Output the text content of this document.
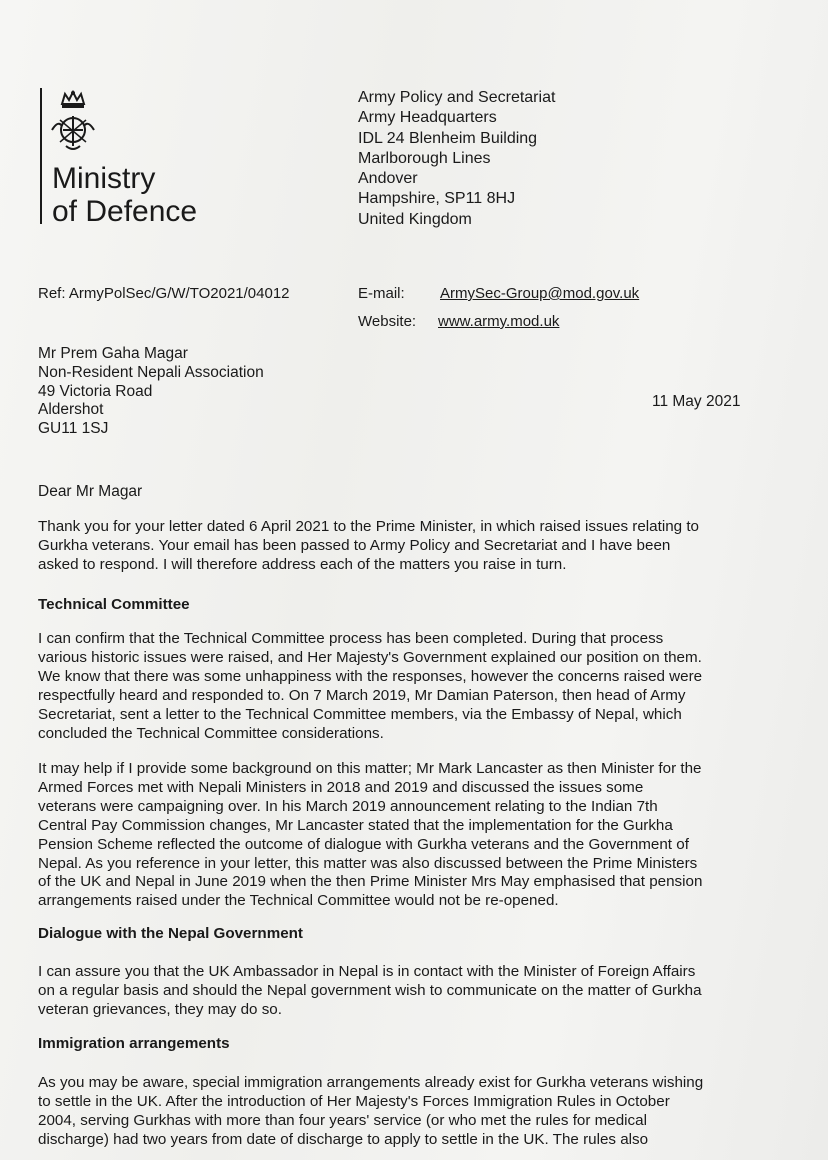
Ministry
of Defence
Army Policy and Secretariat
Army Headquarters
IDL 24 Blenheim Building
Marlborough Lines
Andover
Hampshire, SP11 8HJ
United Kingdom
Ref: ArmyPolSec/G/W/TO2021/04012	E-mail: ArmySec-Group@mod.gov.uk
Website: www.army.mod.uk
Mr Prem Gaha Magar
Non-Resident Nepali Association
49 Victoria Road
Aldershot
GU11 1SJ
11 May 2021
Dear Mr Magar
Thank you for your letter dated 6 April 2021 to the Prime Minister, in which raised issues relating to
Gurkha veterans. Your email has been passed to Army Policy and Secretariat and I have been
asked to respond. I will therefore address each of the matters you raise in turn.
Technical Committee
I can confirm that the Technical Committee process has been completed. During that process
various historic issues were raised, and Her Majesty's Government explained our position on them.
We know that there was some unhappiness with the responses, however the concerns raised were
respectfully heard and responded to. On 7 March 2019, Mr Damian Paterson, then head of Army
Secretariat, sent a letter to the Technical Committee members, via the Embassy of Nepal, which
concluded the Technical Committee considerations.
It may help if I provide some background on this matter; Mr Mark Lancaster as then Minister for the
Armed Forces met with Nepali Ministers in 2018 and 2019 and discussed the issues some
veterans were campaigning over. In his March 2019 announcement relating to the Indian 7th
Central Pay Commission changes, Mr Lancaster stated that the implementation for the Gurkha
Pension Scheme reflected the outcome of dialogue with Gurkha veterans and the Government of
Nepal. As you reference in your letter, this matter was also discussed between the Prime Ministers
of the UK and Nepal in June 2019 when the then Prime Minister Mrs May emphasised that pension
arrangements raised under the Technical Committee would not be re-opened.
Dialogue with the Nepal Government
I can assure you that the UK Ambassador in Nepal is in contact with the Minister of Foreign Affairs
on a regular basis and should the Nepal government wish to communicate on the matter of Gurkha
veteran grievances, they may do so.
Immigration arrangements
As you may be aware, special immigration arrangements already exist for Gurkha veterans wishing
to settle in the UK. After the introduction of Her Majesty's Forces Immigration Rules in October
2004, serving Gurkhas with more than four years' service (or who met the rules for medical
discharge) had two years from date of discharge to apply to settle in the UK. The rules also
